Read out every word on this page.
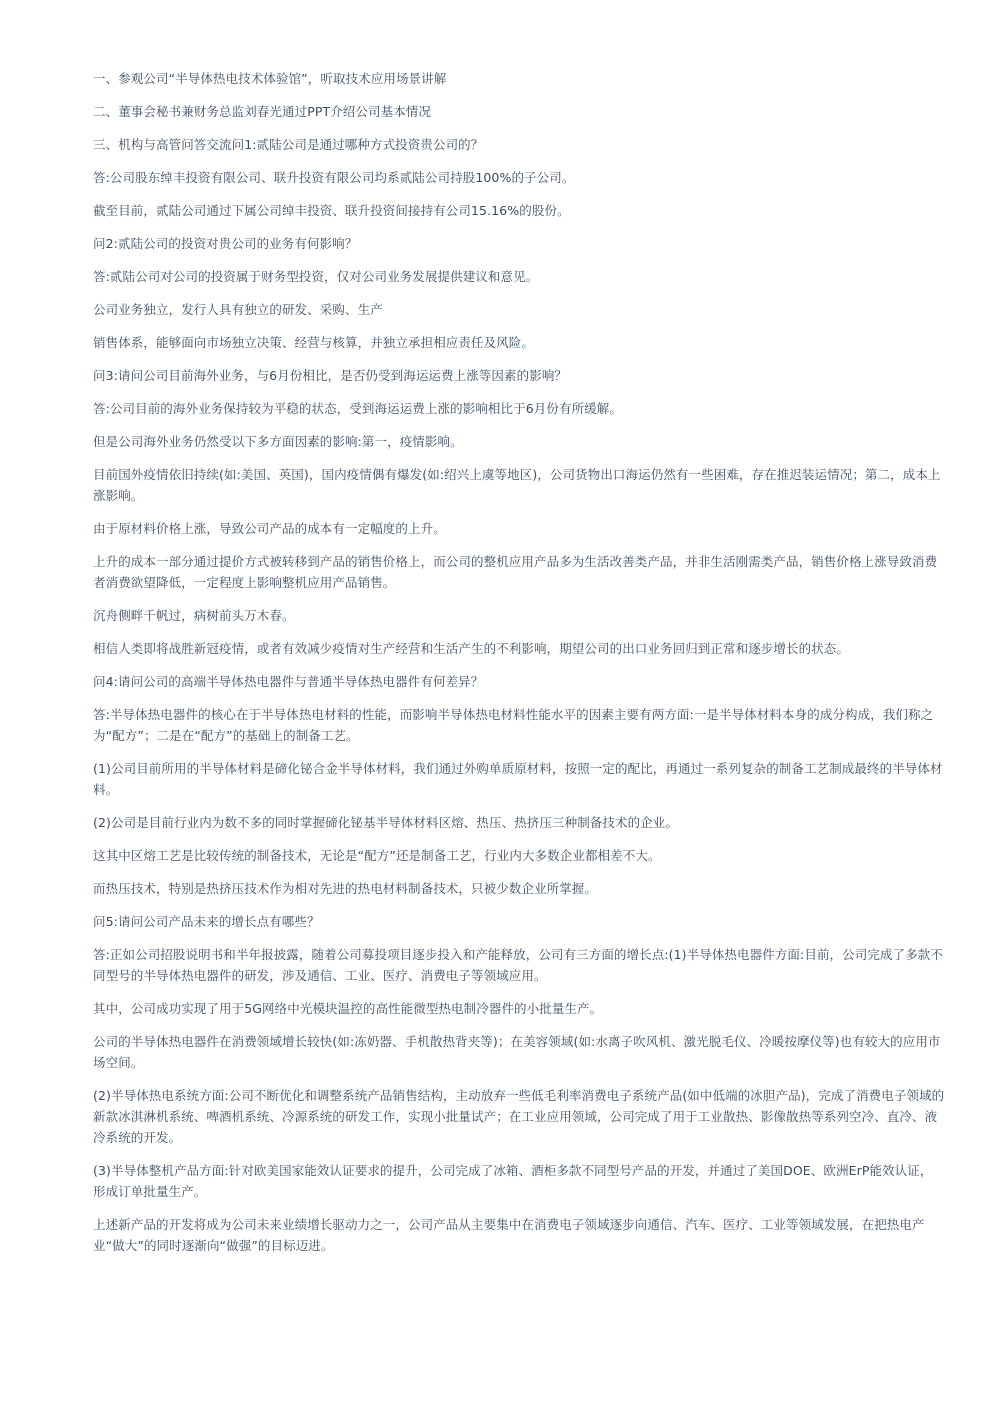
一、参观公司“半导体热电技术体验馆”，听取技术应用场景讲解

二、董事会秘书兼财务总监刘春光通过PPT介绍公司基本情况

三、机构与高管问答交流问1:贰陆公司是通过哪种方式投资贵公司的？

答:公司股东绰丰投资有限公司、联升投资有限公司均系贰陆公司持股100%的子公司。

截至目前，贰陆公司通过下属公司绰丰投资、联升投资间接持有公司15.16%的股份。

问2:贰陆公司的投资对贵公司的业务有何影响？

答:贰陆公司对公司的投资属于财务型投资，仅对公司业务发展提供建议和意见。

公司业务独立，发行人具有独立的研发、采购、生产

销售体系，能够面向市场独立决策、经营与核算，并独立承担相应责任及风险。

问3:请问公司目前海外业务，与6月份相比，是否仍受到海运运费上涨等因素的影响？

答:公司目前的海外业务保持较为平稳的状态，受到海运运费上涨的影响相比于6月份有所缓解。

但是公司海外业务仍然受以下多方面因素的影响:第一，疫情影响。

目前国外疫情依旧持续(如:美国、英国)，国内疫情偶有爆发(如:绍兴上虞等地区)，公司货物出口海运仍然有一些困难，存在推迟装运情况；第二，成本上涨影响。

由于原材料价格上涨，导致公司产品的成本有一定幅度的上升。

上升的成本一部分通过提价方式被转移到产品的销售价格上，而公司的整机应用产品多为生活改善类产品，并非生活刚需类产品，销售价格上涨导致消费者消费欲望降低，一定程度上影响整机应用产品销售。

沉舟侧畔千帆过，病树前头万木春。

相信人类即将战胜新冠疫情，或者有效减少疫情对生产经营和生活产生的不利影响，期望公司的出口业务回归到正常和逐步增长的状态。

问4:请问公司的高端半导体热电器件与普通半导体热电器件有何差异？

答:半导体热电器件的核心在于半导体热电材料的性能，而影响半导体热电材料性能水平的因素主要有两方面:一是半导体材料本身的成分构成，我们称之为“配方”；二是在“配方”的基础上的制备工艺。

(1)公司目前所用的半导体材料是碲化铋合金半导体材料，我们通过外购单质原材料，按照一定的配比，再通过一系列复杂的制备工艺制成最终的半导体材料。

(2)公司是目前行业内为数不多的同时掌握碲化铋基半导体材料区熔、热压、热挤压三种制备技术的企业。

这其中区熔工艺是比较传统的制备技术，无论是“配方”还是制备工艺，行业内大多数企业都相差不大。

而热压技术，特别是热挤压技术作为相对先进的热电材料制备技术，只被少数企业所掌握。

问5:请问公司产品未来的增长点有哪些？

答:正如公司招股说明书和半年报披露，随着公司募投项目逐步投入和产能释放，公司有三方面的增长点:(1)半导体热电器件方面:目前，公司完成了多款不同型号的半导体热电器件的研发，涉及通信、工业、医疗、消费电子等领域应用。

其中，公司成功实现了用于5G网络中光模块温控的高性能微型热电制冷器件的小批量生产。

公司的半导体热电器件在消费领域增长较快(如:冻奶器、手机散热背夹等)；在美容领域(如:水离子吹风机、激光脱毛仪、冷暖按摩仪等)也有较大的应用市场空间。

(2)半导体热电系统方面:公司不断优化和调整系统产品销售结构，主动放弃一些低毛利率消费电子系统产品(如中低端的冰胆产品)，完成了消费电子领域的新款冰淇淋机系统、啤酒机系统、冷源系统的研发工作，实现小批量试产；在工业应用领域，公司完成了用于工业散热、影像散热等系列空冷、直冷、液冷系统的开发。

(3)半导体整机产品方面:针对欧美国家能效认证要求的提升，公司完成了冰箱、酒柜多款不同型号产品的开发，并通过了美国DOE、欧洲ErP能效认证，形成订单批量生产。

上述新产品的开发将成为公司未来业绩增长驱动力之一，公司产品从主要集中在消费电子领域逐步向通信、汽车、医疗、工业等领域发展，在把热电产业“做大”的同时逐渐向“做强”的目标迈进。
